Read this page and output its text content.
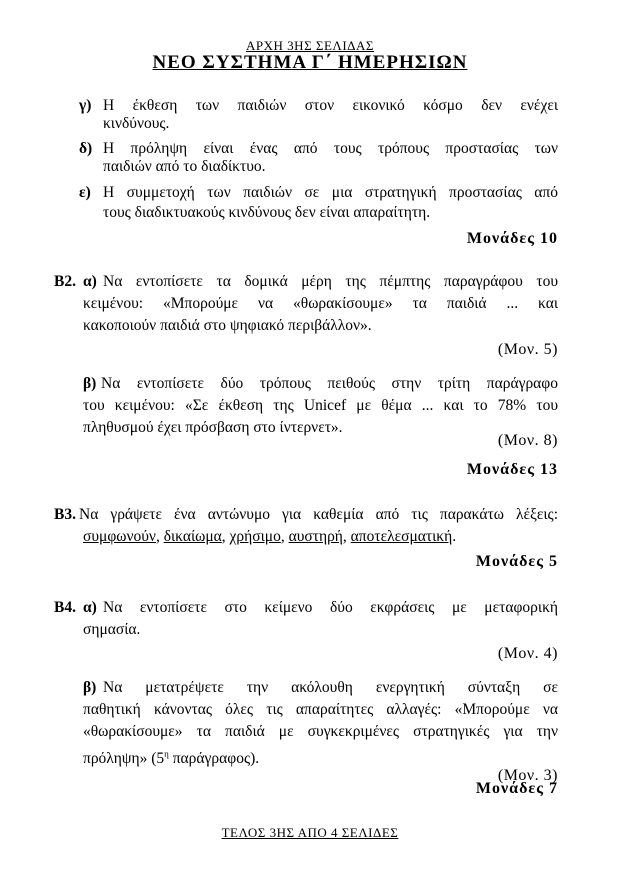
ΑΡΧΗ 3ΗΣ ΣΕΛΙΔΑΣ
ΝΕΟ ΣΥΣΤΗΜΑ Γ΄ ΗΜΕΡΗΣΙΩΝ
γ) Η έκθεση των παιδιών στον εικονικό κόσμο δεν ενέχει
κινδύνους.
δ) Η πρόληψη είναι ένας από τους τρόπους προστασίας των
παιδιών από το διαδίκτυο.
ε) Η συμμετοχή των παιδιών σε μια στρατηγική προστασίας από
τους διαδικτυακούς κινδύνους δεν είναι απαραίτητη.
Μονάδες 10
Β2. α) Να εντοπίσετε τα δομικά μέρη της πέμπτης παραγράφου του
κειμένου: «Μπορούμε να «θωρακίσουμε» τα παιδιά ... και
κακοποιούν παιδιά στο ψηφιακό περιβάλλον».
(Μον. 5)
β) Να εντοπίσετε δύο τρόπους πειθούς στην τρίτη παράγραφο
του κειμένου: «Σε έκθεση της Unicef με θέμα ... και το 78% του
πληθυσμού έχει πρόσβαση στο ίντερνετ».
(Μον. 8)
Μονάδες 13
Β3. Να γράψετε ένα αντώνυμο για καθεμία από τις παρακάτω λέξεις:
συμφωνούν, δικαίωμα, χρήσιμο, αυστηρή, αποτελεσματική.
Μονάδες 5
Β4. α) Να εντοπίσετε στο κείμενο δύο εκφράσεις με μεταφορική
σημασία.
(Μον. 4)
β) Να μετατρέψετε την ακόλουθη ενεργητική σύνταξη σε
παθητική κάνοντας όλες τις απαραίτητες αλλαγές: «Μπορούμε να
«θωρακίσουμε» τα παιδιά με συγκεκριμένες στρατηγικές για την
πρόληψη» ($5^\eta$ παράγραφος).
(Μον. 3)
Μονάδες 7
ΤΕΛΟΣ 3ΗΣ ΑΠΟ 4 ΣΕΛΙΔΕΣ
